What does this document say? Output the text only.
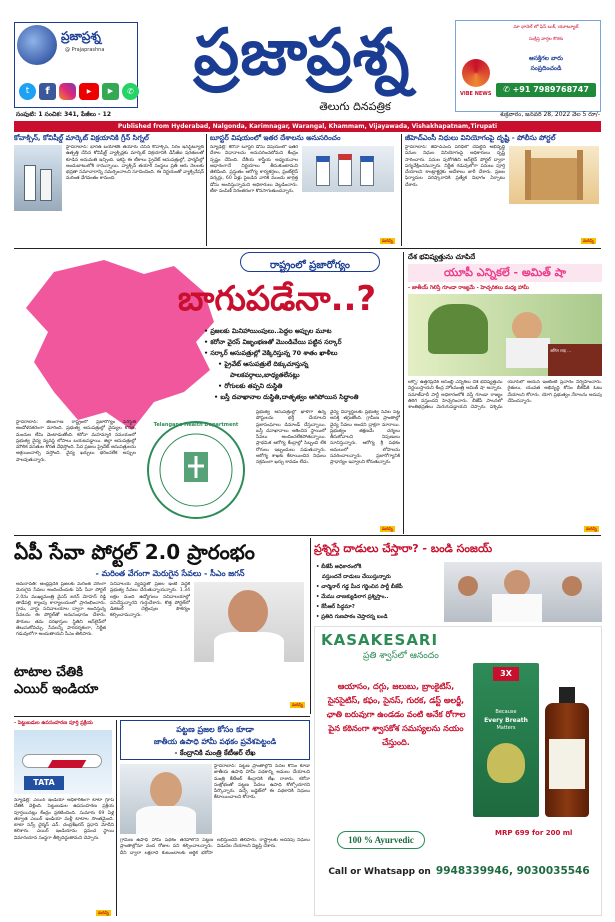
ప్రజాప్రశ్న
@ Prajaprashna
t	f	▶	▶	✆
ప్రజాప్రశ్న
తెలుగు దినపత్రిక
మా ఛానెల్ లో ఫేస్ బుక్, యూట్యూబ్
సంక్షిప్త వార్తల కొరకు
ఆసక్తిగల వారు
సంప్రదించండి
VIBE NEWS	✆ +91 7989768747
సంపుటి: 1 సంచిక: 341, పేజీలు - 12	శుక్రవారం, జనవరి 28, 2022 వెల 5 రూ/-
Published from Hyderabad, Nalgonda, Karimnagar, Warangal, Khammam, Vijayawada, Vishakhapatnam,Tirupati
కోవాక్సిన్, కోవిషీల్డ్ మార్కెట్ విక్రయానికి గ్రీన్ సిగ్నల్
హైదరాబాద్: భారత్ బయోటెక్ తయారు చేసిన కోవాక్సిన్, సీరం ఇన్‌స్టిట్యూట్ ఉత్పత్తి చేసిన కోవిషీల్డ్ వ్యాక్సిన్లకు మార్కెట్ విక్రయానికి డీసీజీఐ షరతులతో కూడిన అనుమతి ఇచ్చింది. ఇకపై ఈ టీకాలు ప్రైవేట్ ఆసుపత్రుల్లో, ఫార్మసీల్లో అందుబాటులోకి రానున్నాయి. వ్యాక్సిన్ తయారీ సంస్థలు ప్రతి ఆరు నెలలకు భద్రతా సమాచారాన్ని సమర్పించాలని సూచించింది. ఈ నిర్ణయంతో వ్యాక్సినేషన్ మరింత వేగవంతం కానుంది.
బూస్టర్ విషయంలో ఇతర దేశాలను అనుసరించం
న్యూఢిల్లీ: కరోనా బూస్టర్ డోసు విషయంలో ఇతర దేశాల విధానాలను అనుసరించబోమని కేంద్రం స్పష్టం చేసింది. దేశీయ శాస్త్రీయ అధ్యయనాల ఆధారంగానే నిర్ణయాలు తీసుకుంటామని తెలిపింది. ప్రస్తుతం ఆరోగ్య కార్యకర్తలు, ఫ్రంట్‌లైన్ వర్కర్లు, 60 ఏళ్లు పైబడిన వారికి ముందు జాగ్రత్త డోసు అందిస్తున్నామని అధికారులు వెల్లడించారు. టీకా పంపిణీ నిరంతరంగా కొనసాగుతుందన్నారు.
మరిన్ని
జీహెచ్‌ఎంసీ నిధులు వినియోగంపై దృష్టి - పోలీసు పోర్టల్
హైదరాబాద్: జీహెచ్‌ఎంసీ పరిధిలో చేపట్టిన అభివృద్ధి పనుల నిధుల వినియోగంపై అధికారులు దృష్టి సారించారు. పనుల పురోగతిని ఆన్‌లైన్ పోర్టల్ ద్వారా పర్యవేక్షించనున్నారు. నిర్ణీత గడువులోగా పనులు పూర్తి చేయాలని కాంట్రాక్టర్లకు ఆదేశాలు జారీ చేశారు. ప్రజల ఫిర్యాదుల పరిష్కారానికి ప్రత్యేక విభాగం ఏర్పాటు చేశారు.
మరిన్ని
రాష్ట్రంలో ప్రజారోగ్యం
బాగుపడేనా..?
• ప్రజలకు మినిహాయింపులు..పెద్దల అప్పుల మూట
• కరోనా వైరస్ విజృంభణతో మొండిచేయి పట్టిన సర్కార్
• సర్కార్ ఆసుపత్రుల్లో వెక్కిరిస్తున్న 70 శాతం ఖాళీలు
• ప్రైవేట్ ఆసుపత్రులే దిక్కుచూస్తున్న
పాలకవర్గాలు,బాధ్యతలేనట్లు
• రోగులకు తప్పని దుస్థితి
• బస్తీ దవాఖానాల దుస్థితి,దాతృత్వం ఆగిపోయిన సిద్ధాంతి
హైదరాబాద్: తెలంగాణ రాష్ట్రంలో ప్రజారోగ్యం పరిస్థితి ఆందోళనకరంగా మారింది. ప్రభుత్వ ఆసుపత్రుల్లో వైద్యుల కొరత, మందుల లేమి వెంటాడుతోంది. కరోనా మహమ్మారి సమయంలో ప్రభుత్వ వైద్య వ్యవస్థ లోపాలు బయటపడ్డాయి. జిల్లా ఆసుపత్రుల్లో మౌలిక వసతుల కొరత వేధిస్తోంది. పేద ప్రజలు ప్రైవేట్ ఆసుపత్రులను ఆశ్రయించాల్సి వస్తోంది. వైద్య ఖర్చులు భరించలేక అప్పుల పాలవుతున్నారు.
Telangana Health Department
ప్రభుత్వ ఆసుపత్రుల్లో ఖాళీగా ఉన్న పోస్టులను భర్తీ చేయాలని ప్రజాసంఘాలు డిమాండ్ చేస్తున్నాయి. బస్తీ దవాఖానాలు ఆశించిన స్థాయిలో సేవలు అందించలేకపోతున్నాయి. ప్రాథమిక ఆరోగ్య కేంద్రాల్లో సిబ్బంది లేక రోగులు ఇబ్బందులు పడుతున్నారు. ఆరోగ్య శాఖకు కేటాయించిన నిధులు సక్రమంగా ఖర్చు కావడం లేదు.
వైద్య విద్యార్థులకు ప్రభుత్వ సేవల పట్ల ఆసక్తి తగ్గుతోంది. గ్రామీణ ప్రాంతాల్లో వైద్య సేవలు అందని ద్రాక్షగా మారాయి. ప్రభుత్వం తక్షణమే చర్యలు తీసుకోవాలని నిపుణులు సూచిస్తున్నారు. ఆరోగ్య శ్రీ పథకం అమలులో లోపాలను సవరించాలన్నారు. ప్రజారోగ్యానికి ప్రాధాన్యం ఇవ్వాలని కోరుతున్నారు.
మరిన్ని
దేశ భవిష్యత్తును చూపిదే
యూపీ ఎన్నికలే - అమిత్ షా
- జాతీయ్ గెలిస్తే గూండా రాజ్యమే - హెచ్చరికలు మధ్య హామీ
अमित शाह ...
లక్నో: ఉత్తరప్రదేశ్ అసెంబ్లీ ఎన్నికలు దేశ భవిష్యత్తును నిర్ణయిస్తాయని కేంద్ర హోంమంత్రి అమిత్ షా అన్నారు. సమాజ్‌వాదీ పార్టీ అధికారంలోకి వస్తే గూండా రాజ్యం తిరిగి వస్తుందని హెచ్చరించారు. బీజేపీ పాలనలో శాంతిభద్రతలు మెరుగుపడ్డాయని చెప్పారు. పశ్చిమ యూపీలో ఆయన ఇంటింటి ప్రచారం నిర్వహించారు. రైతులు, యువత అభివృద్ధి కోసం బీజేపీకి ఓటు వేయాలని కోరారు. యోగి ప్రభుత్వం నేరాలను అదుపు చేసిందన్నారు.
మరిన్ని
ఏపీ సేవా పోర్టల్ 2.0 ప్రారంభం
- మరింత వేగంగా మెరుగైన సేవలు - సీఎం జగన్
అమరావతి: ఆంధ్రప్రదేశ్ ప్రజలకు మరింత వేగంగా మెరుగైన సేవలు అందించేందుకు ఏపీ సేవా పోర్టల్ 2.0ను ముఖ్యమంత్రి వైఎస్ జగన్ మోహన్ రెడ్డి తాడేపల్లి క్యాంపు కార్యాలయంలో ప్రారంభించారు. గ్రామ, వార్డు సచివాలయాల ద్వారా అందిస్తున్న సేవలను ఈ పోర్టల్‌తో అనుసంధానం చేశారు. పౌరులు తమ దరఖాస్తుల స్థితిని ఆన్‌లైన్‌లో తెలుసుకోవచ్చు. సేవలన్నీ పారదర్శకంగా, నిర్ణీత గడువులోగా అందుతాయని సీఎం తెలిపారు.
సచివాలయ వ్యవస్థతో ప్రజల ఇంటి వద్దకే ప్రభుత్వ సేవలు చేరుతున్నాయన్నారు. 1.34 లక్షల మంది ఉద్యోగులు సచివాలయాల్లో పనిచేస్తున్నారని గుర్తుచేశారు. కొత్త పోర్టల్‌లో డిజిటల్ చెల్లింపుల సౌకర్యం కల్పించామన్నారు.
మరిన్ని
ప్రశ్నిస్తే దాడులు చేస్తారా? - బండి సంజయ్
• బీజేపీ అధికారంలోకి
వస్తుందనే దాడులు చేయిస్తున్నారు
• చార్మినార్ గడ్డ మీద గర్జించిన పార్టీ బీజేపీ
• మేము చాణక్యుడిలాగ ప్రశ్నిస్తాం..
• కేసీఆర్ సిద్ధమా?
• ప్రతిది గుణపాఠం చెప్తారన్న బండి
KASAKESARI
ప్రతి శ్వాస్‌లో ఆనందం
ఆయాసం, దగ్గు, జలుబు, బ్రాంకైటిస్, సైనసైటిస్, కఫం, సైనస్, గురక, డస్ట్ అలర్జీ, ఛాతి బరువుగా ఉండడం వంటి అనేక రోగాల పైన కఠినంగా శ్వాసకోశ సమస్యలను నయం చేస్తుంది.
3X
Because
Every Breath
Matters
100 % Ayurvedic
MRP 699 for 200 ml
Call or Whatsapp on 9948339946, 9030035546
టాటాల చేతికి ఎయిర్ ఇండియా
- పెట్టుబడుల ఉపసంహరణ పూర్తి ప్రక్రియ
TATA
న్యూఢిల్లీ: ఎయిర్ ఇండియా అధికారికంగా టాటా గ్రూప్ చేతికి వెళ్లింది. పెట్టుబడుల ఉపసంహరణ ప్రక్రియ పూర్తయినట్లు కేంద్రం ప్రకటించింది. సుమారు 69 ఏళ్ల తర్వాత ఎయిర్ ఇండియా మళ్లీ టాటాల సొంతమైంది. టాటా సన్స్ ఛైర్మన్ ఎన్. చంద్రశేఖరన్ ప్రధాని మోదీని కలిశారు. ఎయిర్ ఇండియాను ప్రపంచ స్థాయి విమానయాన సంస్థగా తీర్చిదిద్దుతామని చెప్పారు.
మరిన్ని
పట్టణ ప్రజల కోసం కూడా
జాతీయ ఉపాధి హామీ పథకం ప్రవేశపెట్టండి
- కేంద్రానికి మంత్రి కేటీఆర్ లేఖ
హైదరాబాద్: పట్టణ ప్రాంతాల్లోని పేదల కోసం కూడా జాతీయ ఉపాధి హామీ పథకాన్ని అమలు చేయాలని మంత్రి కేటీఆర్ కేంద్రానికి లేఖ రాశారు. కరోనా సంక్షోభంతో పట్టణ పేదలు ఉపాధి కోల్పోయారని పేర్కొన్నారు. వచ్చే బడ్జెట్‌లో ఈ పథకానికి నిధులు కేటాయించాలని కోరారు.
గ్రామీణ ఉపాధి హామీ పథకం తరహాలోనే పట్టణ ప్రాంతాల్లోనూ వంద రోజుల పని కల్పించాలన్నారు. దీని ద్వారా లక్షలాది కుటుంబాలకు ఆర్థిక భరోసా లభిస్తుందని తెలిపారు. రాష్ట్రాలకు అదనపు నిధులు విడుదల చేయాలని విజ్ఞప్తి చేశారు.
